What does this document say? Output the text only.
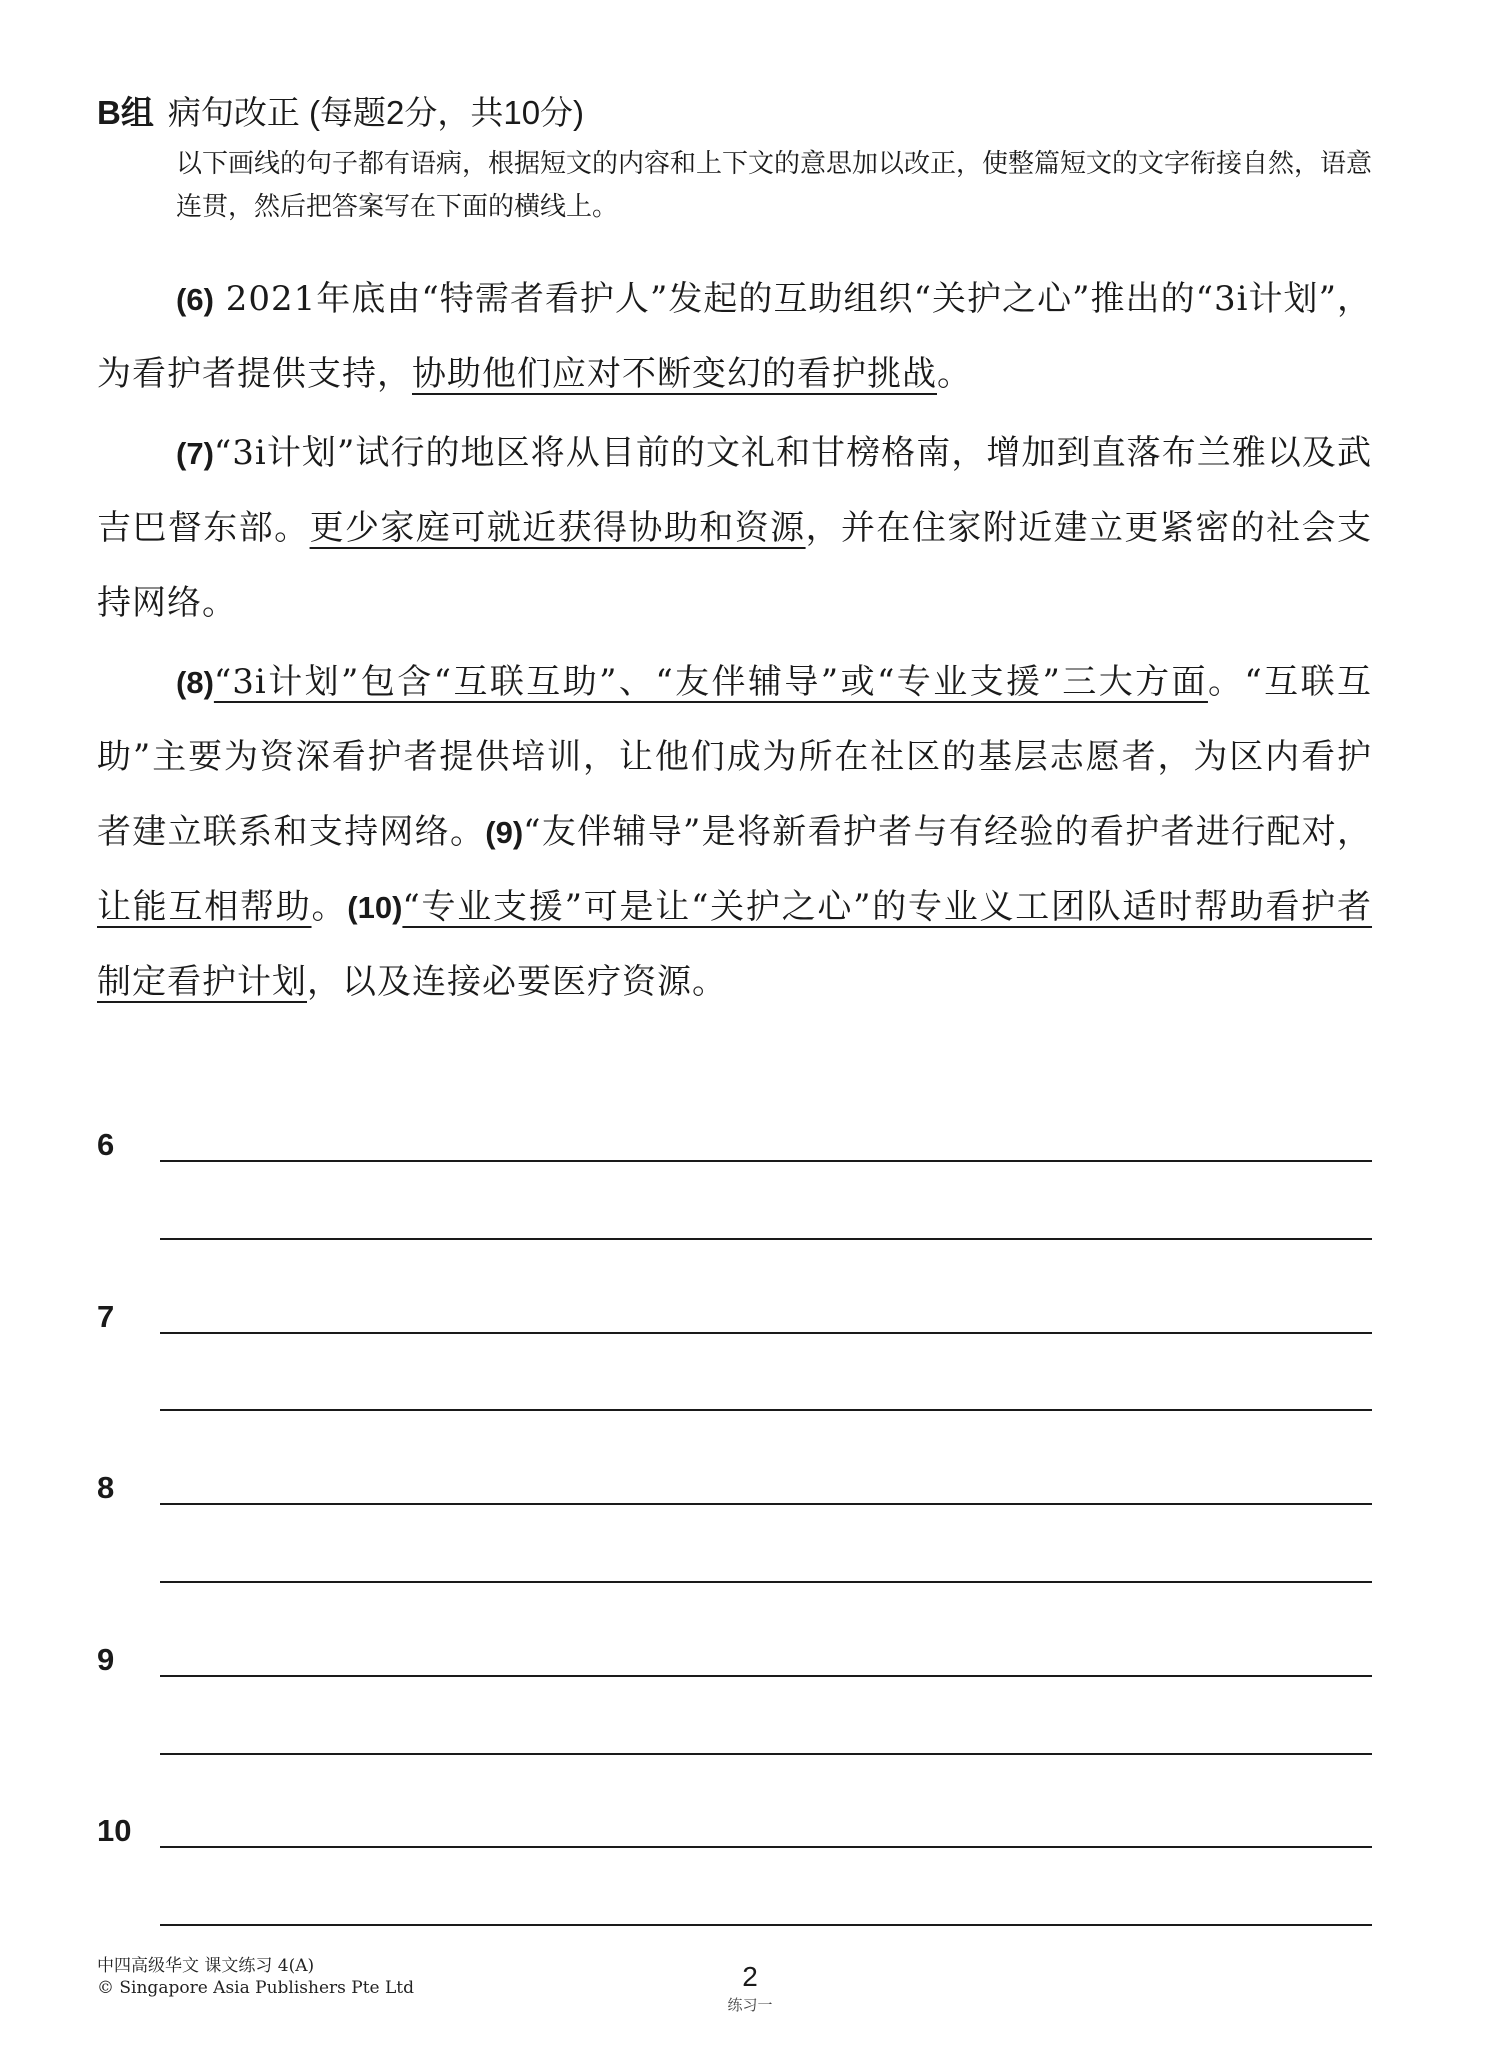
B组 病句改正 (每题2分，共10分)
以下画线的句子都有语病，根据短文的内容和上下文的意思加以改正，使整篇短文的文字衔接自然，语意连贯，然后把答案写在下面的横线上。

(6) 2021年底由“特需者看护人”发起的互助组织“关护之心”推出的“3i计划”，为看护者提供支持，协助他们应对不断变幻的看护挑战。

(7)“3i计划”试行的地区将从目前的文礼和甘榜格南，增加到直落布兰雅以及武吉巴督东部。更少家庭可就近获得协助和资源，并在住家附近建立更紧密的社会支持网络。

(8)“3i计划”包含“互联互助”、“友伴辅导”或“专业支援”三大方面。“互联互助”主要为资深看护者提供培训，让他们成为所在社区的基层志愿者，为区内看护者建立联系和支持网络。(9)“友伴辅导”是将新看护者与有经验的看护者进行配对，让能互相帮助。(10)“专业支援”可是让“关护之心”的专业义工团队适时帮助看护者制定看护计划，以及连接必要医疗资源。

6
7
8
9
10
中四高级华文 课文练习 4(A)
© Singapore Asia Publishers Pte Ltd	2
练习一
